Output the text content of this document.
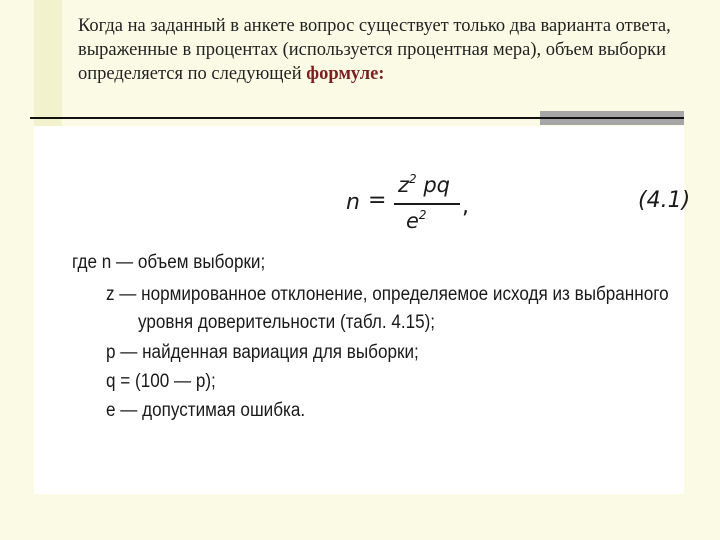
Когда на заданный в анкете вопрос существует только два варианта ответа, выраженные в процентах (используется процентная мера), объем выборки определяется по следующей формуле:

n =
$z^2$ pq
$e^2$ ,	(4.1)
где n — объем выборки;
z — нормированное отклонение, определяемое исходя из выбранного
уровня доверительности (табл. 4.15);
p — найденная вариация для выборки;
q = (100 — p);
e — допустимая ошибка.
